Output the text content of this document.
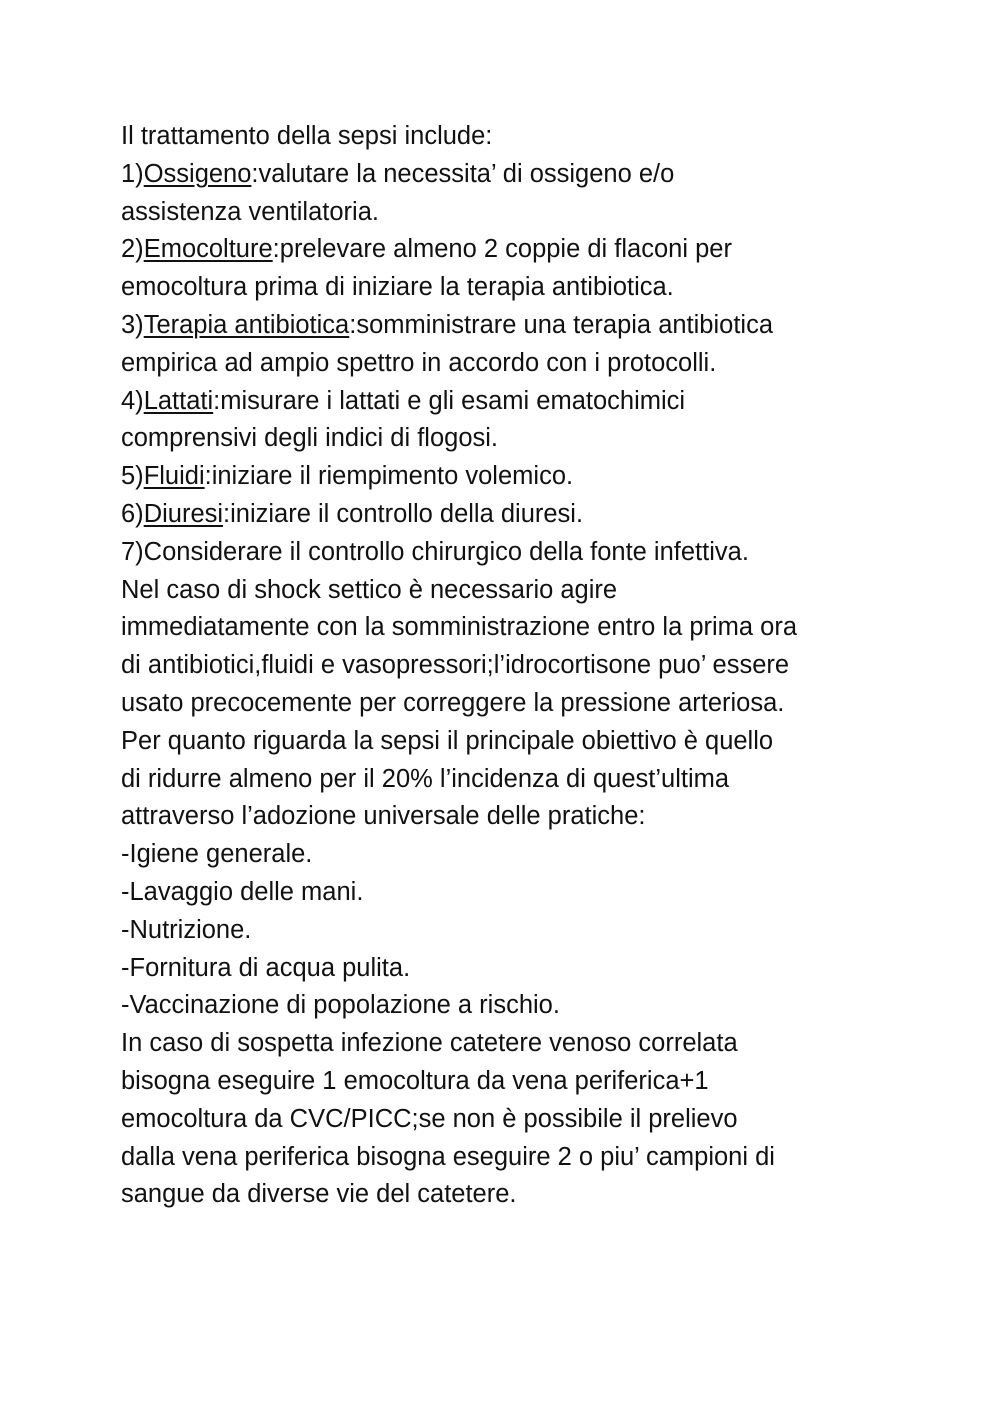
Il trattamento della sepsi include:

1)Ossigeno:valutare la necessita’ di ossigeno e/o

assistenza ventilatoria.

2)Emocolture:prelevare almeno 2 coppie di flaconi per

emocoltura prima di iniziare la terapia antibiotica.

3)Terapia antibiotica:somministrare una terapia antibiotica

empirica ad ampio spettro in accordo con i protocolli.

4)Lattati:misurare i lattati e gli esami ematochimici

comprensivi degli indici di flogosi.

5)Fluidi:iniziare il riempimento volemico.

6)Diuresi:iniziare il controllo della diuresi.

7)Considerare il controllo chirurgico della fonte infettiva.

Nel caso di shock settico è necessario agire

immediatamente con la somministrazione entro la prima ora

di antibiotici,fluidi e vasopressori;l’idrocortisone puo’ essere

usato precocemente per correggere la pressione arteriosa.

Per quanto riguarda la sepsi il principale obiettivo è quello

di ridurre almeno per il 20% l’incidenza di quest’ultima

attraverso l’adozione universale delle pratiche:

-Igiene generale.

-Lavaggio delle mani.

-Nutrizione.

-Fornitura di acqua pulita.

-Vaccinazione di popolazione a rischio.

In caso di sospetta infezione catetere venoso correlata

bisogna eseguire 1 emocoltura da vena periferica+1

emocoltura da CVC/PICC;se non è possibile il prelievo

dalla vena periferica bisogna eseguire 2 o piu’ campioni di

sangue da diverse vie del catetere.
